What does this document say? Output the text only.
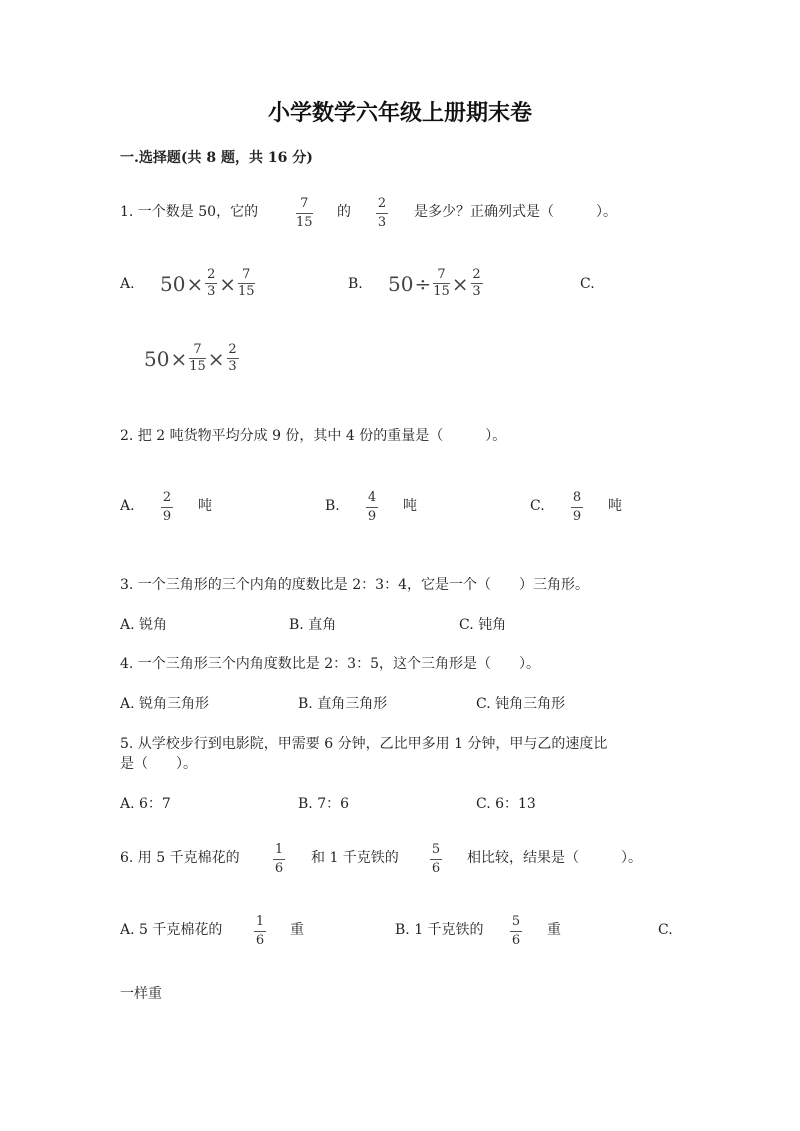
小学数学六年级上册期末卷
一.选择题(共 8 题，共 16 分)
1. 一个数是 50，它的
7
15
的
2
3
是多少？正确列式是（　　　）。
A. $50 \times \frac{2}{3} \times \frac{7}{15}$	B. $50 \div \frac{7}{15} \times \frac{2}{3}$	C.
$50 \times \frac{7}{15} \times \frac{2}{3}$
2. 把 2 吨货物平均分成 9 份，其中 4 份的重量是（　　　）。
A.
2
9
吨	B.
4
9
吨	C.
8
9
吨
3. 一个三角形的三个内角的度数比是 2：3：4，它是一个（　　）三角形。
A. 锐角	B. 直角	C. 钝角
4. 一个三角形三个内角度数比是 2：3：5，这个三角形是（　　）。
A. 锐角三角形	B. 直角三角形	C. 钝角三角形
5. 从学校步行到电影院，甲需要 6 分钟，乙比甲多用 1 分钟，甲与乙的速度比
是（　　）。
A. 6：7	B. 7：6	C. 6：13
6. 用 5 千克棉花的
1
6
和 1 千克铁的
5
6
相比较，结果是（　　　）。
A. 5 千克棉花的
1
6
重	B. 1 千克铁的
5
6
重	C.
一样重
